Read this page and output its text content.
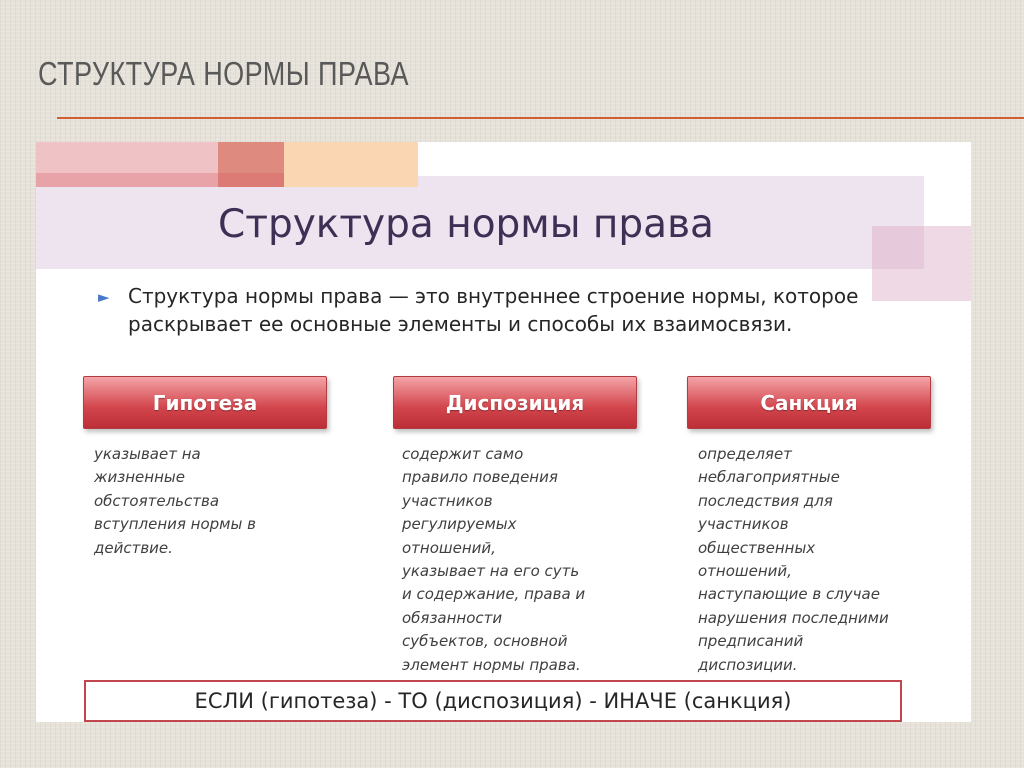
СТРУКТУРА НОРМЫ ПРАВА
Структура нормы права
► Структура нормы права — это внутреннее строение нормы, которое раскрывает ее основные элементы и способы их взаимосвязи.
Гипотеза	Диспозиция	Санкция
указывает на
жизненные
обстоятельства
вступления нормы в
действие.
содержит само
правило поведения
участников
регулируемых
отношений,
указывает на его суть
и содержание, права и
обязанности
субъектов, основной
элемент нормы права.
определяет
неблагоприятные
последствия для
участников
общественных
отношений,
наступающие в случае
нарушения последними
предписаний
диспозиции.
ЕСЛИ (гипотеза) - ТО (диспозиция) - ИНАЧЕ (санкция)
